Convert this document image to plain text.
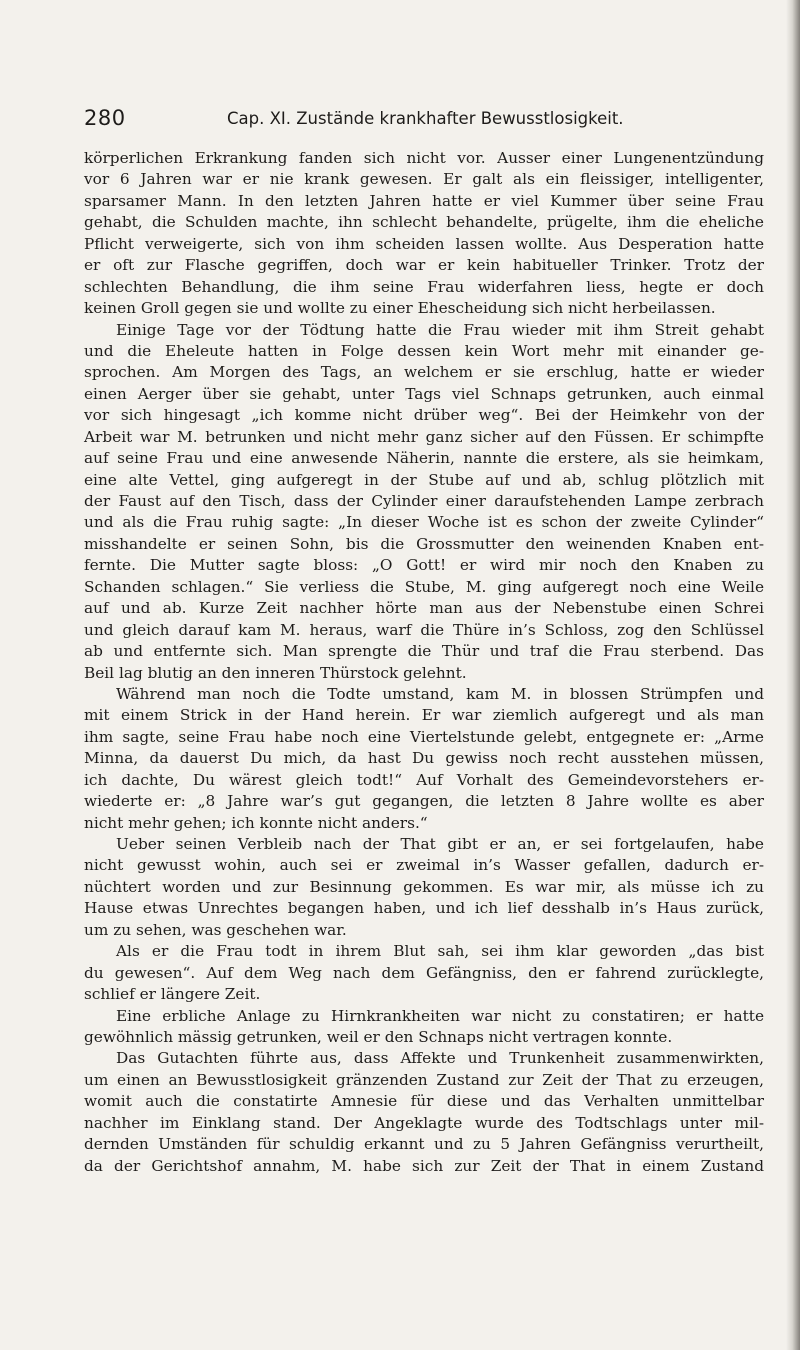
280	Cap. XI. Zustände krankhafter Bewusstlosigkeit.
körperlichen Erkrankung fanden sich nicht vor. Ausser einer Lungenentzündung
vor 6 Jahren war er nie krank gewesen. Er galt als ein fleissiger, intelligenter,
sparsamer Mann. In den letzten Jahren hatte er viel Kummer über seine Frau
gehabt, die Schulden machte, ihn schlecht behandelte, prügelte, ihm die eheliche
Pflicht verweigerte, sich von ihm scheiden lassen wollte. Aus Desperation hatte
er oft zur Flasche gegriffen, doch war er kein habitueller Trinker. Trotz der
schlechten Behandlung, die ihm seine Frau widerfahren liess, hegte er doch
keinen Groll gegen sie und wollte zu einer Ehescheidung sich nicht herbeilassen.
Einige Tage vor der Tödtung hatte die Frau wieder mit ihm Streit gehabt
und die Eheleute hatten in Folge dessen kein Wort mehr mit einander ge-
sprochen. Am Morgen des Tags, an welchem er sie erschlug, hatte er wieder
einen Aerger über sie gehabt, unter Tags viel Schnaps getrunken, auch einmal
vor sich hingesagt „ich komme nicht drüber weg“. Bei der Heimkehr von der
Arbeit war M. betrunken und nicht mehr ganz sicher auf den Füssen. Er schimpfte
auf seine Frau und eine anwesende Näherin, nannte die erstere, als sie heimkam,
eine alte Vettel, ging aufgeregt in der Stube auf und ab, schlug plötzlich mit
der Faust auf den Tisch, dass der Cylinder einer daraufstehenden Lampe zerbrach
und als die Frau ruhig sagte: „In dieser Woche ist es schon der zweite Cylinder“
misshandelte er seinen Sohn, bis die Grossmutter den weinenden Knaben ent-
fernte. Die Mutter sagte bloss: „O Gott! er wird mir noch den Knaben zu
Schanden schlagen.“ Sie verliess die Stube, M. ging aufgeregt noch eine Weile
auf und ab. Kurze Zeit nachher hörte man aus der Nebenstube einen Schrei
und gleich darauf kam M. heraus, warf die Thüre in’s Schloss, zog den Schlüssel
ab und entfernte sich. Man sprengte die Thür und traf die Frau sterbend. Das
Beil lag blutig an den inneren Thürstock gelehnt.
Während man noch die Todte umstand, kam M. in blossen Strümpfen und
mit einem Strick in der Hand herein. Er war ziemlich aufgeregt und als man
ihm sagte, seine Frau habe noch eine Viertelstunde gelebt, entgegnete er: „Arme
Minna, da dauerst Du mich, da hast Du gewiss noch recht ausstehen müssen,
ich dachte, Du wärest gleich todt!“ Auf Vorhalt des Gemeindevorstehers er-
wiederte er: „8 Jahre war’s gut gegangen, die letzten 8 Jahre wollte es aber
nicht mehr gehen; ich konnte nicht anders.“
Ueber seinen Verbleib nach der That gibt er an, er sei fortgelaufen, habe
nicht gewusst wohin, auch sei er zweimal in’s Wasser gefallen, dadurch er-
nüchtert worden und zur Besinnung gekommen. Es war mir, als müsse ich zu
Hause etwas Unrechtes begangen haben, und ich lief desshalb in’s Haus zurück,
um zu sehen, was geschehen war.
Als er die Frau todt in ihrem Blut sah, sei ihm klar geworden „das bist
du gewesen“. Auf dem Weg nach dem Gefängniss, den er fahrend zurücklegte,
schlief er längere Zeit.
Eine erbliche Anlage zu Hirnkrankheiten war nicht zu constatiren; er hatte
gewöhnlich mässig getrunken, weil er den Schnaps nicht vertragen konnte.
Das Gutachten führte aus, dass Affekte und Trunkenheit zusammenwirkten,
um einen an Bewusstlosigkeit gränzenden Zustand zur Zeit der That zu erzeugen,
womit auch die constatirte Amnesie für diese und das Verhalten unmittelbar
nachher im Einklang stand. Der Angeklagte wurde des Todtschlags unter mil-
dernden Umständen für schuldig erkannt und zu 5 Jahren Gefängniss verurtheilt,
da der Gerichtshof annahm, M. habe sich zur Zeit der That in einem Zustand
